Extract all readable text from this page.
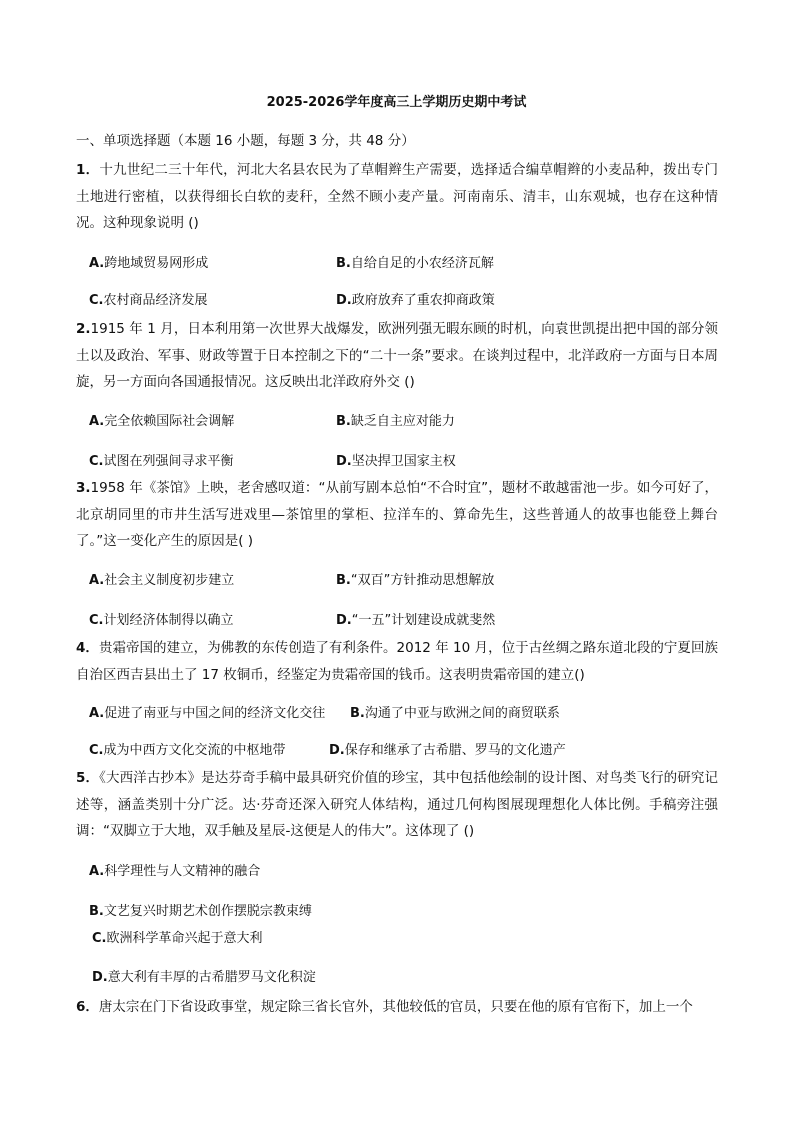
2025-2026学年度高三上学期历史期中考试
一、单项选择题（本题 16 小题，每题 3 分，共 48 分）
1．十九世纪二三十年代，河北大名县农民为了草帽辫生产需要，选择适合编草帽辫的小麦品种，拨出专门土地进行密植，以获得细长白软的麦秆，全然不顾小麦产量。河南南乐、清丰，山东观城，也存在这种情况。这种现象说明 ()
A.跨地域贸易网形成	B.自给自足的小农经济瓦解
C.农村商品经济发展	D.政府放弃了重农抑商政策
2.1915 年 1 月，日本利用第一次世界大战爆发，欧洲列强无暇东顾的时机，向袁世凯提出把中国的部分领土以及政治、军事、财政等置于日本控制之下的“二十一条”要求。在谈判过程中，北洋政府一方面与日本周旋，另一方面向各国通报情况。这反映出北洋政府外交 ()
A.完全依赖国际社会调解	B.缺乏自主应对能力
C.试图在列强间寻求平衡	D.坚决捍卫国家主权
3.1958 年《茶馆》上映，老舍感叹道：“从前写剧本总怕“不合时宜”，题材不敢越雷池一步。如今可好了，北京胡同里的市井生活写进戏里—茶馆里的掌柜、拉洋车的、算命先生，这些普通人的故事也能登上舞台了。”这一变化产生的原因是( )
A.社会主义制度初步建立	B.“双百”方针推动思想解放
C.计划经济体制得以确立	D.“一五”计划建设成就斐然
4．贵霜帝国的建立，为佛教的东传创造了有利条件。2012 年 10 月，位于古丝绸之路东道北段的宁夏回族自治区西吉县出土了 17 枚铜币，经鉴定为贵霜帝国的钱币。这表明贵霜帝国的建立()
A.促进了南亚与中国之间的经济文化交往 B.沟通了中亚与欧洲之间的商贸联系
C.成为中西方文化交流的中枢地带	D.保存和继承了古希腊、罗马的文化遗产
5．《大西洋古抄本》是达芬奇手稿中最具研究价值的珍宝，其中包括他绘制的设计图、对鸟类飞行的研究记述等，涵盖类别十分广泛。达·芬奇还深入研究人体结构，通过几何构图展现理想化人体比例。手稿旁注强调：“双脚立于大地，双手触及星辰-这便是人的伟大”。这体现了 ()
A.科学理性与人文精神的融合
B.文艺复兴时期艺术创作摆脱宗教束缚
C.欧洲科学革命兴起于意大利
D.意大利有丰厚的古希腊罗马文化积淀
6．唐太宗在门下省设政事堂，规定除三省长官外，其他较低的官员，只要在他的原有官衔下，加上一个
